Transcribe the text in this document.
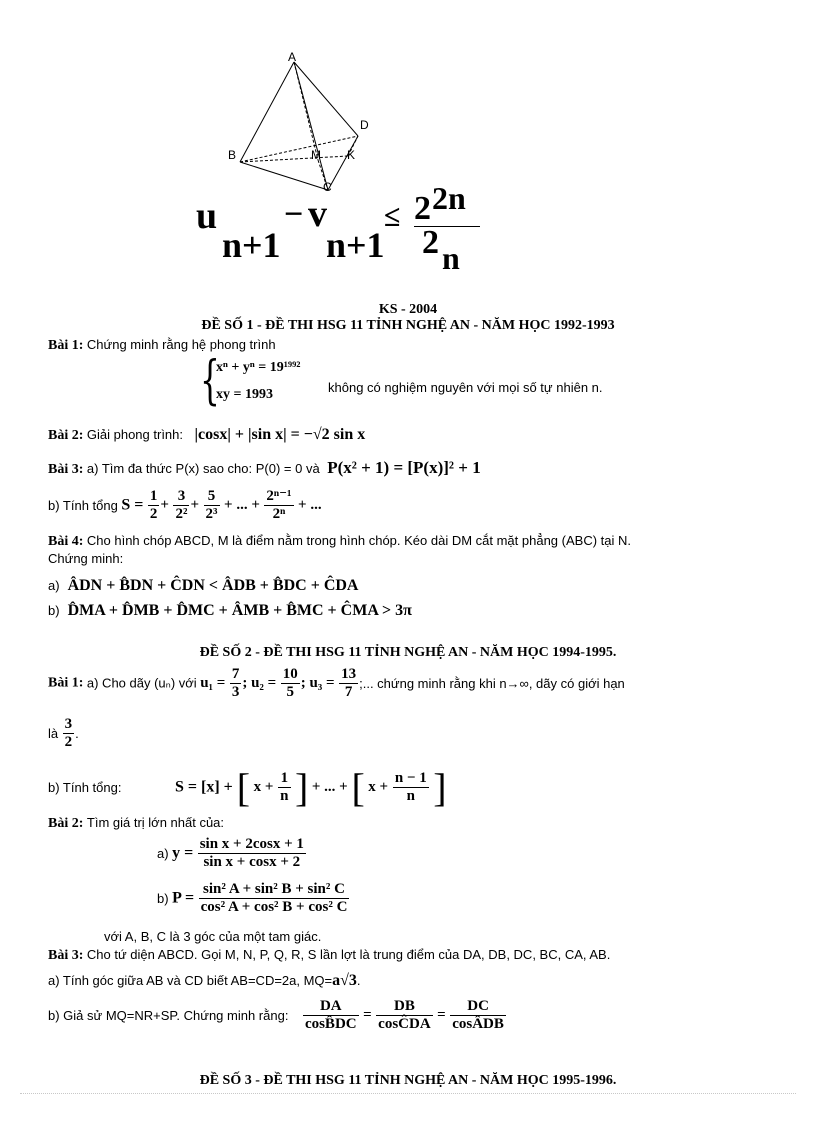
A
B
D
M K
C
u
n+1
− v
n+1
≤ 2 2n
2 n
KS - 2004
ĐỀ SỐ 1 - ĐỀ THI HSG 11 TỈNH NGHỆ AN - NĂM HỌC 1992-1993
Bài 1: Chứng minh rằng hệ phong trình
{
xⁿ + yⁿ = 19¹⁹⁹²
xy = 1993	không có nghiệm nguyên với mọi số tự nhiên n.
Bài 2: Giải phong trình: |cosx| + |sin x| = −√2 sin x
Bài 3: a) Tìm đa thức P(x) sao cho: P(0) = 0 và P(x² + 1) = [P(x)]² + 1
b) Tính tổng $S = \frac{1}{2} + \frac{3}{\text{2²}} + \frac{5}{\text{2³}}$ + ... + $\frac{\text{2ⁿ⁻¹}}{\text{2ⁿ}}$ + ...
Bài 4: Cho hình chóp ABCD, M là điểm nằm trong hình chóp. Kéo dài DM cắt mặt phẳng (ABC) tại N.
Chứng minh:
a) ÂDN + B̂DN + ĈDN < ÂDB + B̂DC + ĈDA
b) D̂MA + D̂MB + D̂MC + ÂMB + B̂MC + ĈMA > 3π
ĐỀ SỐ 2 - ĐỀ THI HSG 11 TỈNH NGHỆ AN - NĂM HỌC 1994-1995.
Bài 1: a) Cho dãy (uₙ) với $u_1 = \frac{7}{3}$ ; $u_2 = \frac{10}{5}$ ; $u_3 = \frac{13}{7}$ ;... chứng minh rằng khi n→∞, dãy có giới hạn
là $\frac{3}{2}$ .
b) Tính tổng:	S = [x] + [ $x + \frac{1}{n}$ ] + ... + [ $x + \frac{n - 1}{n}$ ]
Bài 2: Tìm giá trị lớn nhất của:
a) $y = \frac{\text{sin x + 2cosx + 1}}{\text{sin x + cosx + 2}}$
b) $P = \frac{\text{sin² A + sin² B + sin² C}}{\text{cos² A + cos² B + cos² C}}$
với A, B, C là 3 góc của một tam giác.
Bài 3: Cho tứ diện ABCD. Gọi M, N, P, Q, R, S lần lợt là trung điểm của DA, DB, DC, BC, CA, AB.
a) Tính góc giữa AB và CD biết AB=CD=2a, MQ=a√3.
b) Giả sử MQ=NR+SP. Chứng minh rằng: $\frac{DA}{\cos B̂DC} = \frac{DB}{\text{cosĈDA}} = \frac{DC}{\text{cosÂDB}}$
ĐỀ SỐ 3 - ĐỀ THI HSG 11 TỈNH NGHỆ AN - NĂM HỌC 1995-1996.
